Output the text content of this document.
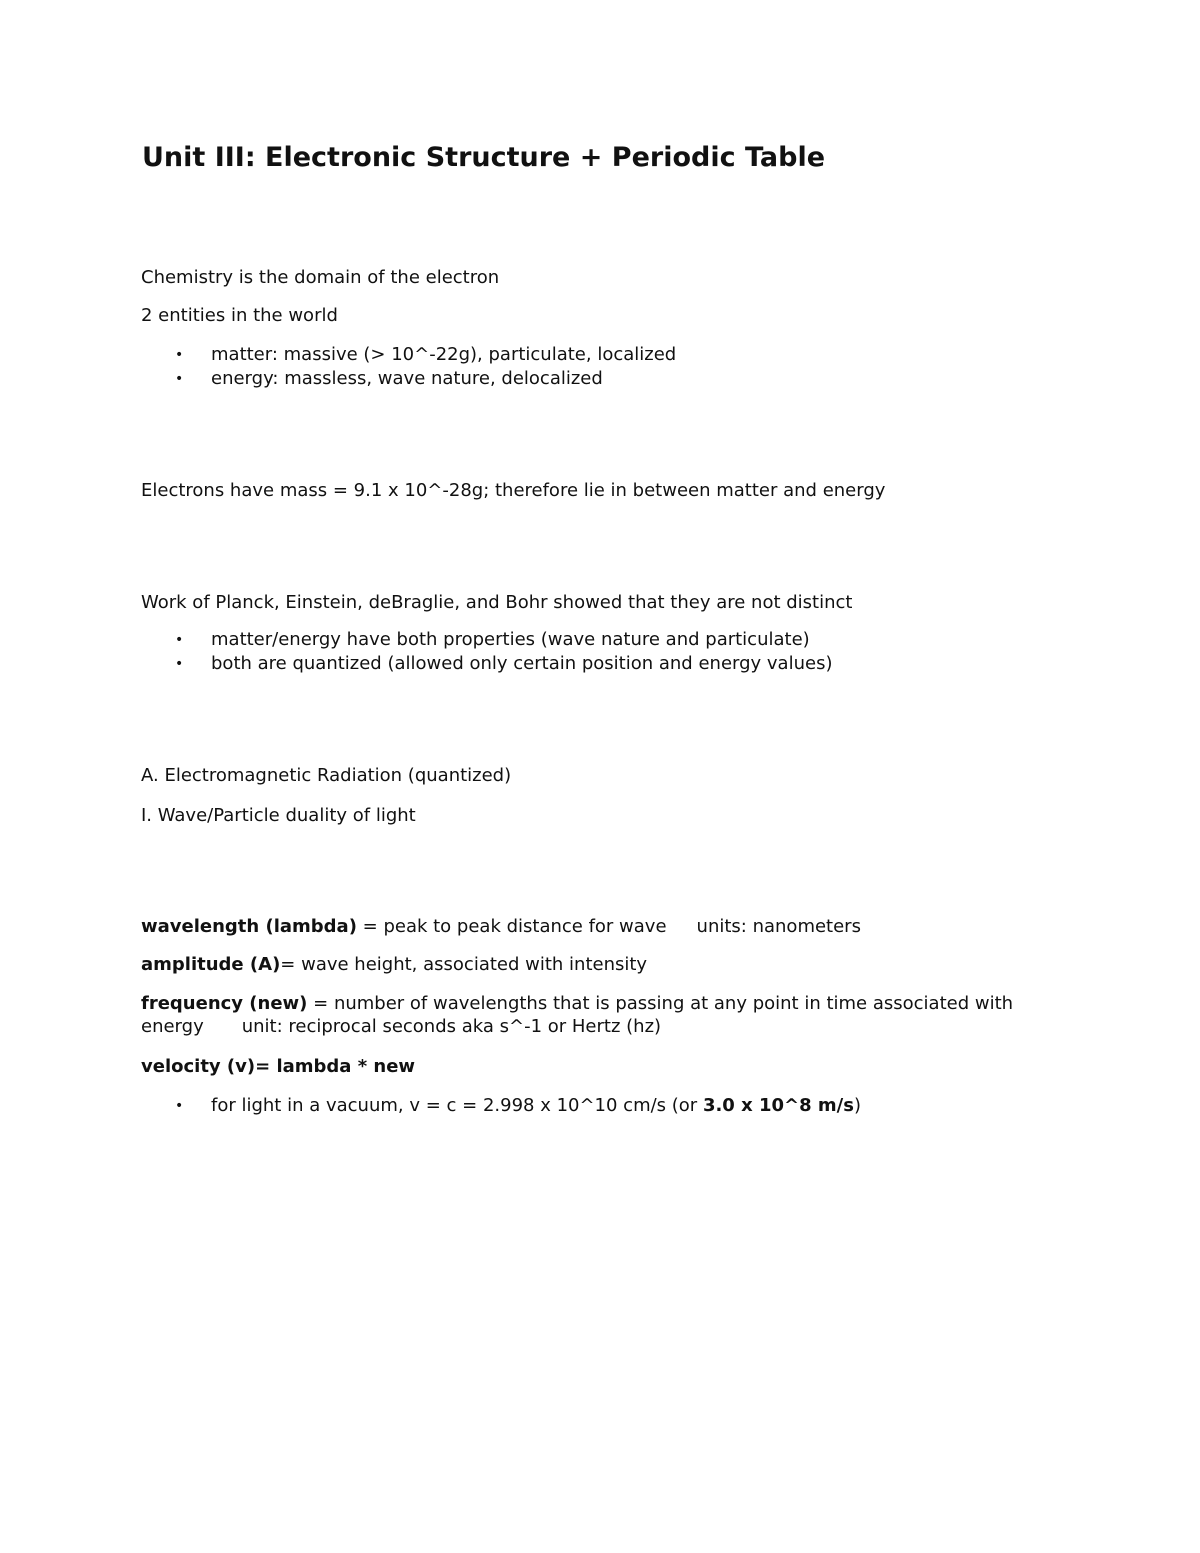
Unit III: Electronic Structure + Periodic Table

Chemistry is the domain of the electron

2 entities in the world

• matter: massive (> 10^-22g), particulate, localized
• energy: massless, wave nature, delocalized

Electrons have mass = 9.1 x 10^-28g; therefore lie in between matter and energy

Work of Planck, Einstein, deBraglie, and Bohr showed that they are not distinct

• matter/energy have both properties (wave nature and particulate)
• both are quantized (allowed only certain position and energy values)

A. Electromagnetic Radiation (quantized)

I. Wave/Particle duality of light

wavelength (lambda) = peak to peak distance for wave units: nanometers

amplitude (A)= wave height, associated with intensity

frequency (new) = number of wavelengths that is passing at any point in time associated with energy unit: reciprocal seconds aka s^-1 or Hertz (hz)

velocity (v)= lambda * new

• for light in a vacuum, v = c = 2.998 x 10^10 cm/s (or 3.0 x 10^8 m/s)
